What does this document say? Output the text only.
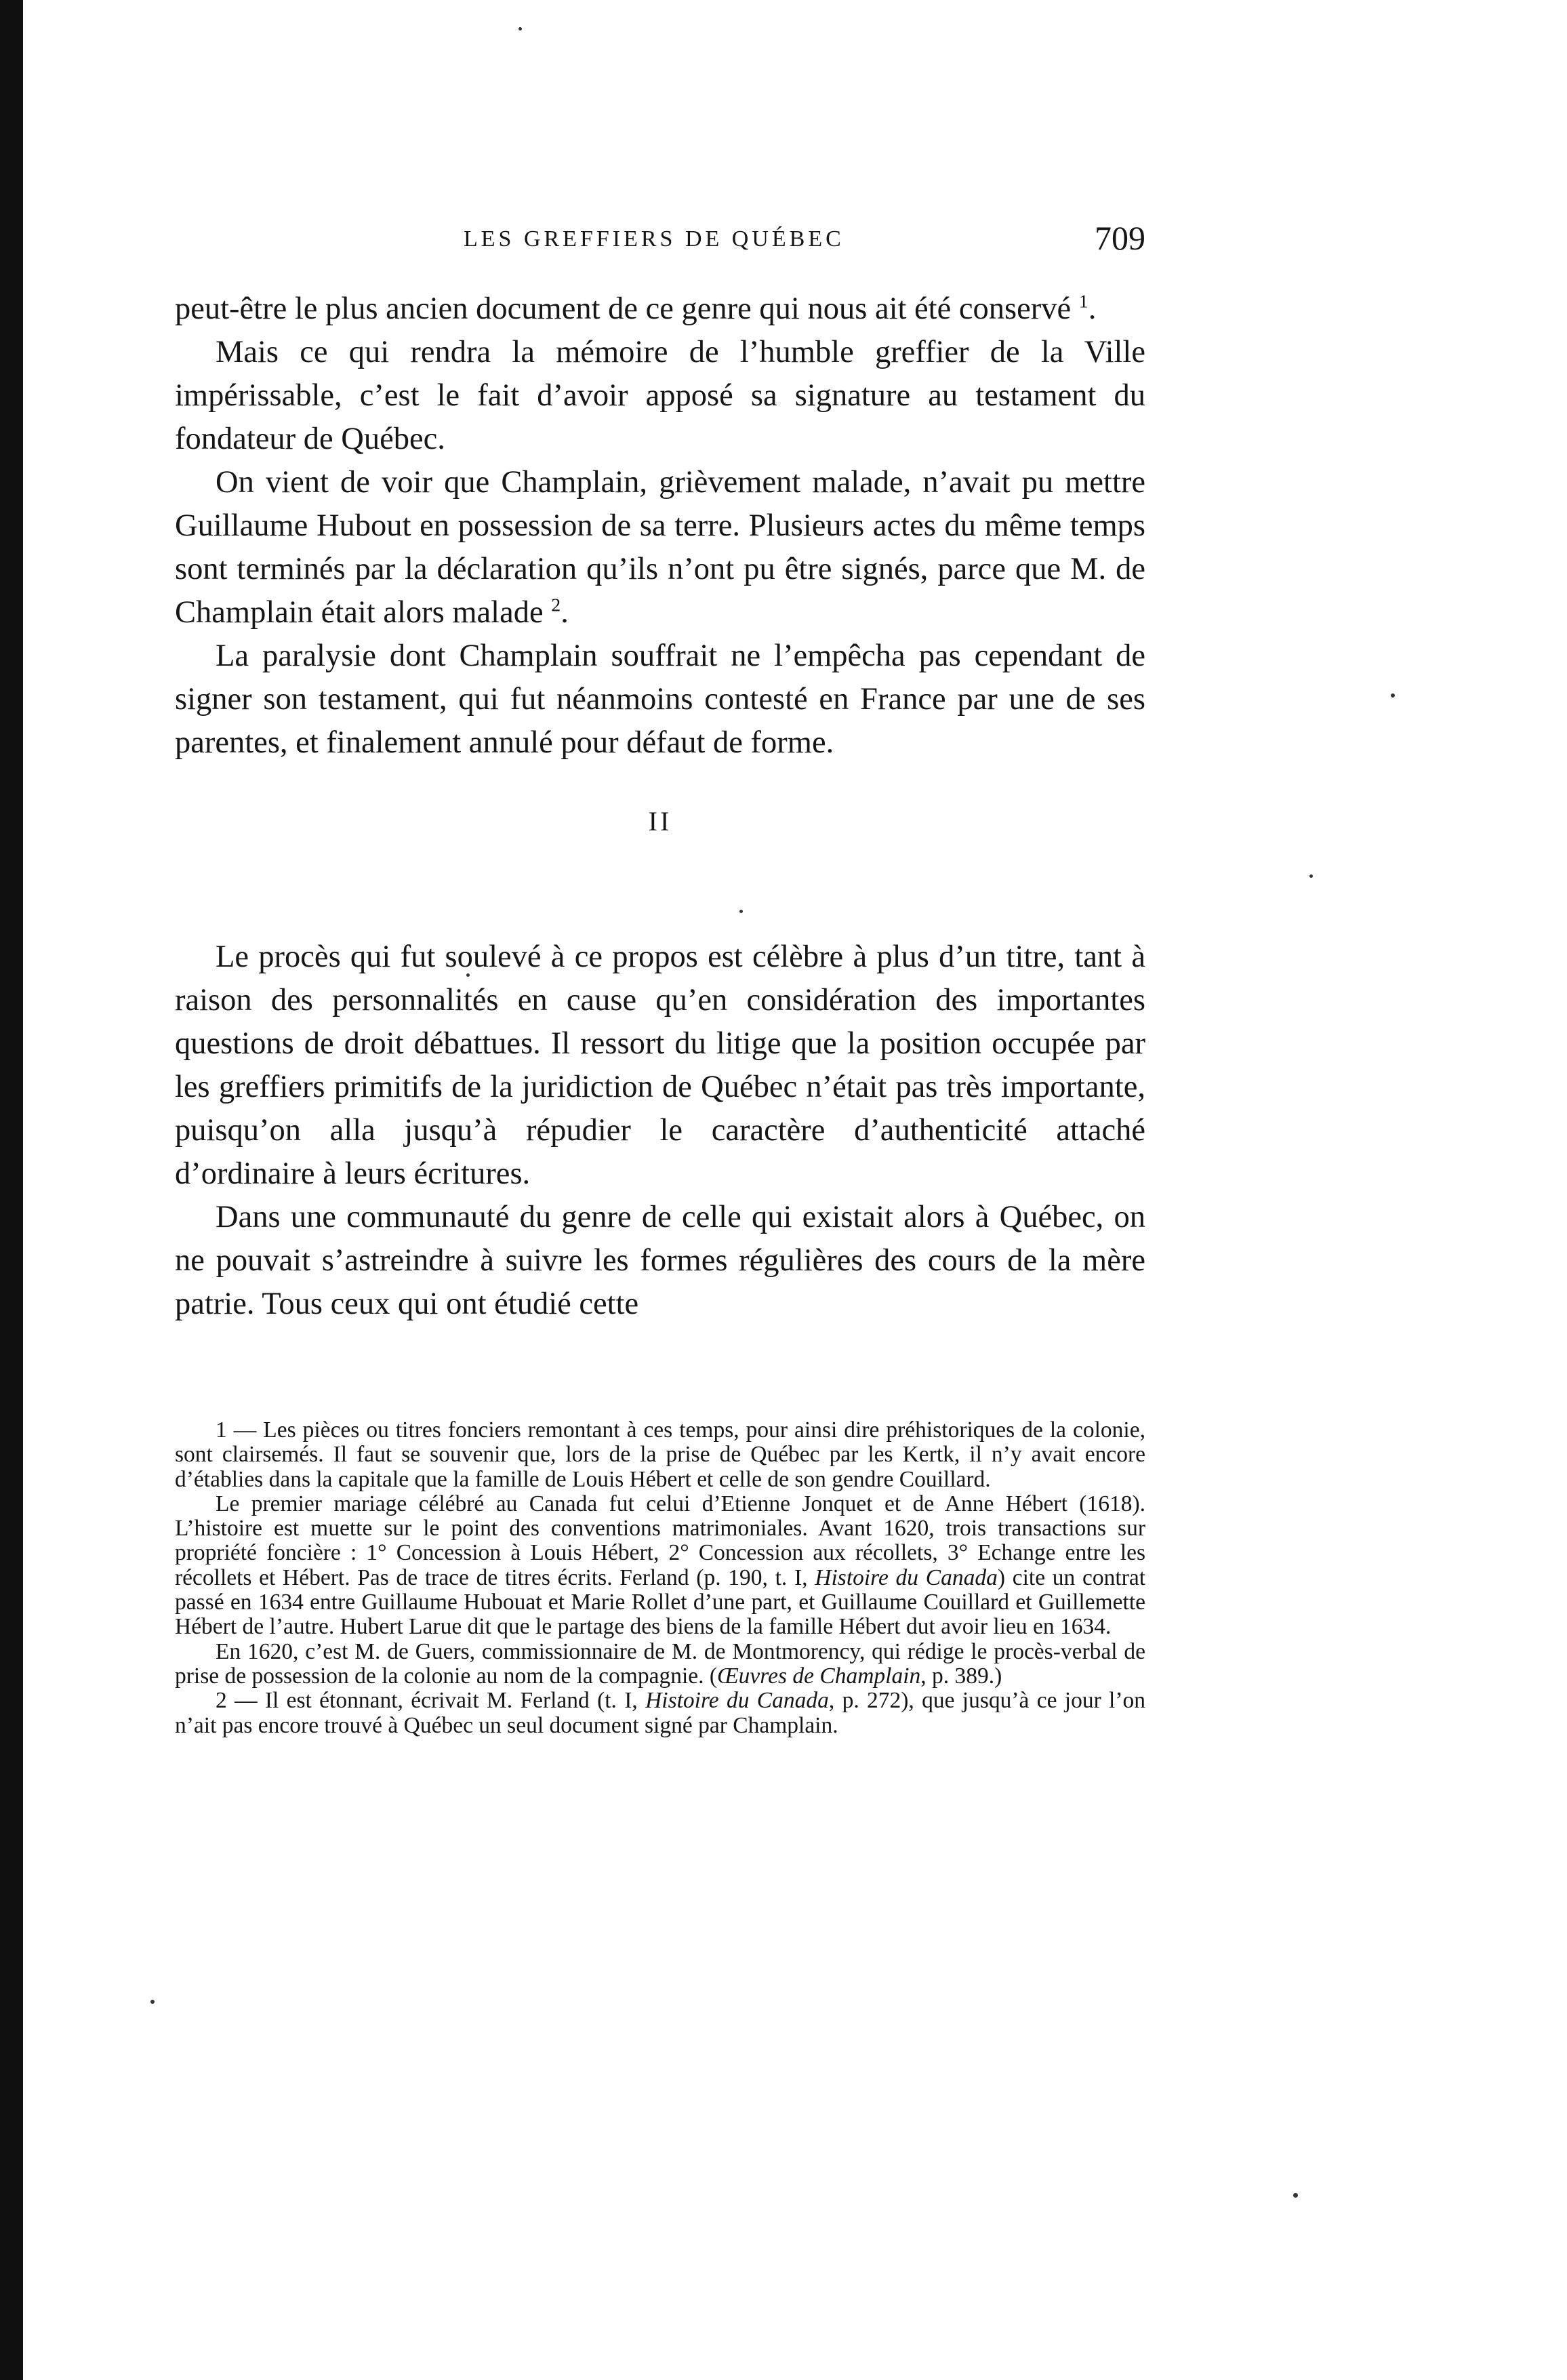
LES GREFFIERS DE QUÉBEC	709

peut-être le plus ancien document de ce genre qui nous ait été conservé $^1$.

Mais ce qui rendra la mémoire de l’humble greffier de la Ville impérissable, c’est le fait d’avoir apposé sa signature au testament du fondateur de Québec.

On vient de voir que Champlain, grièvement malade, n’avait pu mettre Guillaume Hubout en possession de sa terre. Plusieurs actes du même temps sont terminés par la déclaration qu’ils n’ont pu être signés, parce que M. de Champlain était alors malade $^2$.

La paralysie dont Champlain souffrait ne l’empêcha pas cependant de signer son testament, qui fut néanmoins contesté en France par une de ses parentes, et finalement annulé pour défaut de forme.

II

Le procès qui fut soulevé à ce propos est célèbre à plus d’un titre, tant à raison des personnalités en cause qu’en considération des importantes questions de droit débattues. Il ressort du litige que la position occupée par les greffiers primitifs de la juridiction de Québec n’était pas très importante, puisqu’on alla jusqu’à répudier le caractère d’authenticité attaché d’ordinaire à leurs écritures.

Dans une communauté du genre de celle qui existait alors à Québec, on ne pouvait s’astreindre à suivre les formes régulières des cours de la mère patrie. Tous ceux qui ont étudié cette

1 — Les pièces ou titres fonciers remontant à ces temps, pour ainsi dire préhistoriques de la colonie, sont clairsemés. Il faut se souvenir que, lors de la prise de Québec par les Kertk, il n’y avait encore d’établies dans la capitale que la famille de Louis Hébert et celle de son gendre Couillard.

Le premier mariage célébré au Canada fut celui d’Etienne Jonquet et de Anne Hébert (1618). L’histoire est muette sur le point des conventions matrimoniales. Avant 1620, trois transactions sur propriété foncière : 1° Concession à Louis Hébert, 2° Concession aux récollets, 3° Echange entre les récollets et Hébert. Pas de trace de titres écrits. Ferland (p. 190, t. I, Histoire du Canada) cite un contrat passé en 1634 entre Guillaume Hubouat et Marie Rollet d’une part, et Guillaume Couillard et Guillemette Hébert de l’autre. Hubert Larue dit que le partage des biens de la famille Hébert dut avoir lieu en 1634.

En 1620, c’est M. de Guers, commissionnaire de M. de Montmorency, qui rédige le procès-verbal de prise de possession de la colonie au nom de la compagnie. (Œuvres de Champlain, p. 389.)

2 — Il est étonnant, écrivait M. Ferland (t. I, Histoire du Canada, p. 272), que jusqu’à ce jour l’on n’ait pas encore trouvé à Québec un seul document signé par Champlain.
